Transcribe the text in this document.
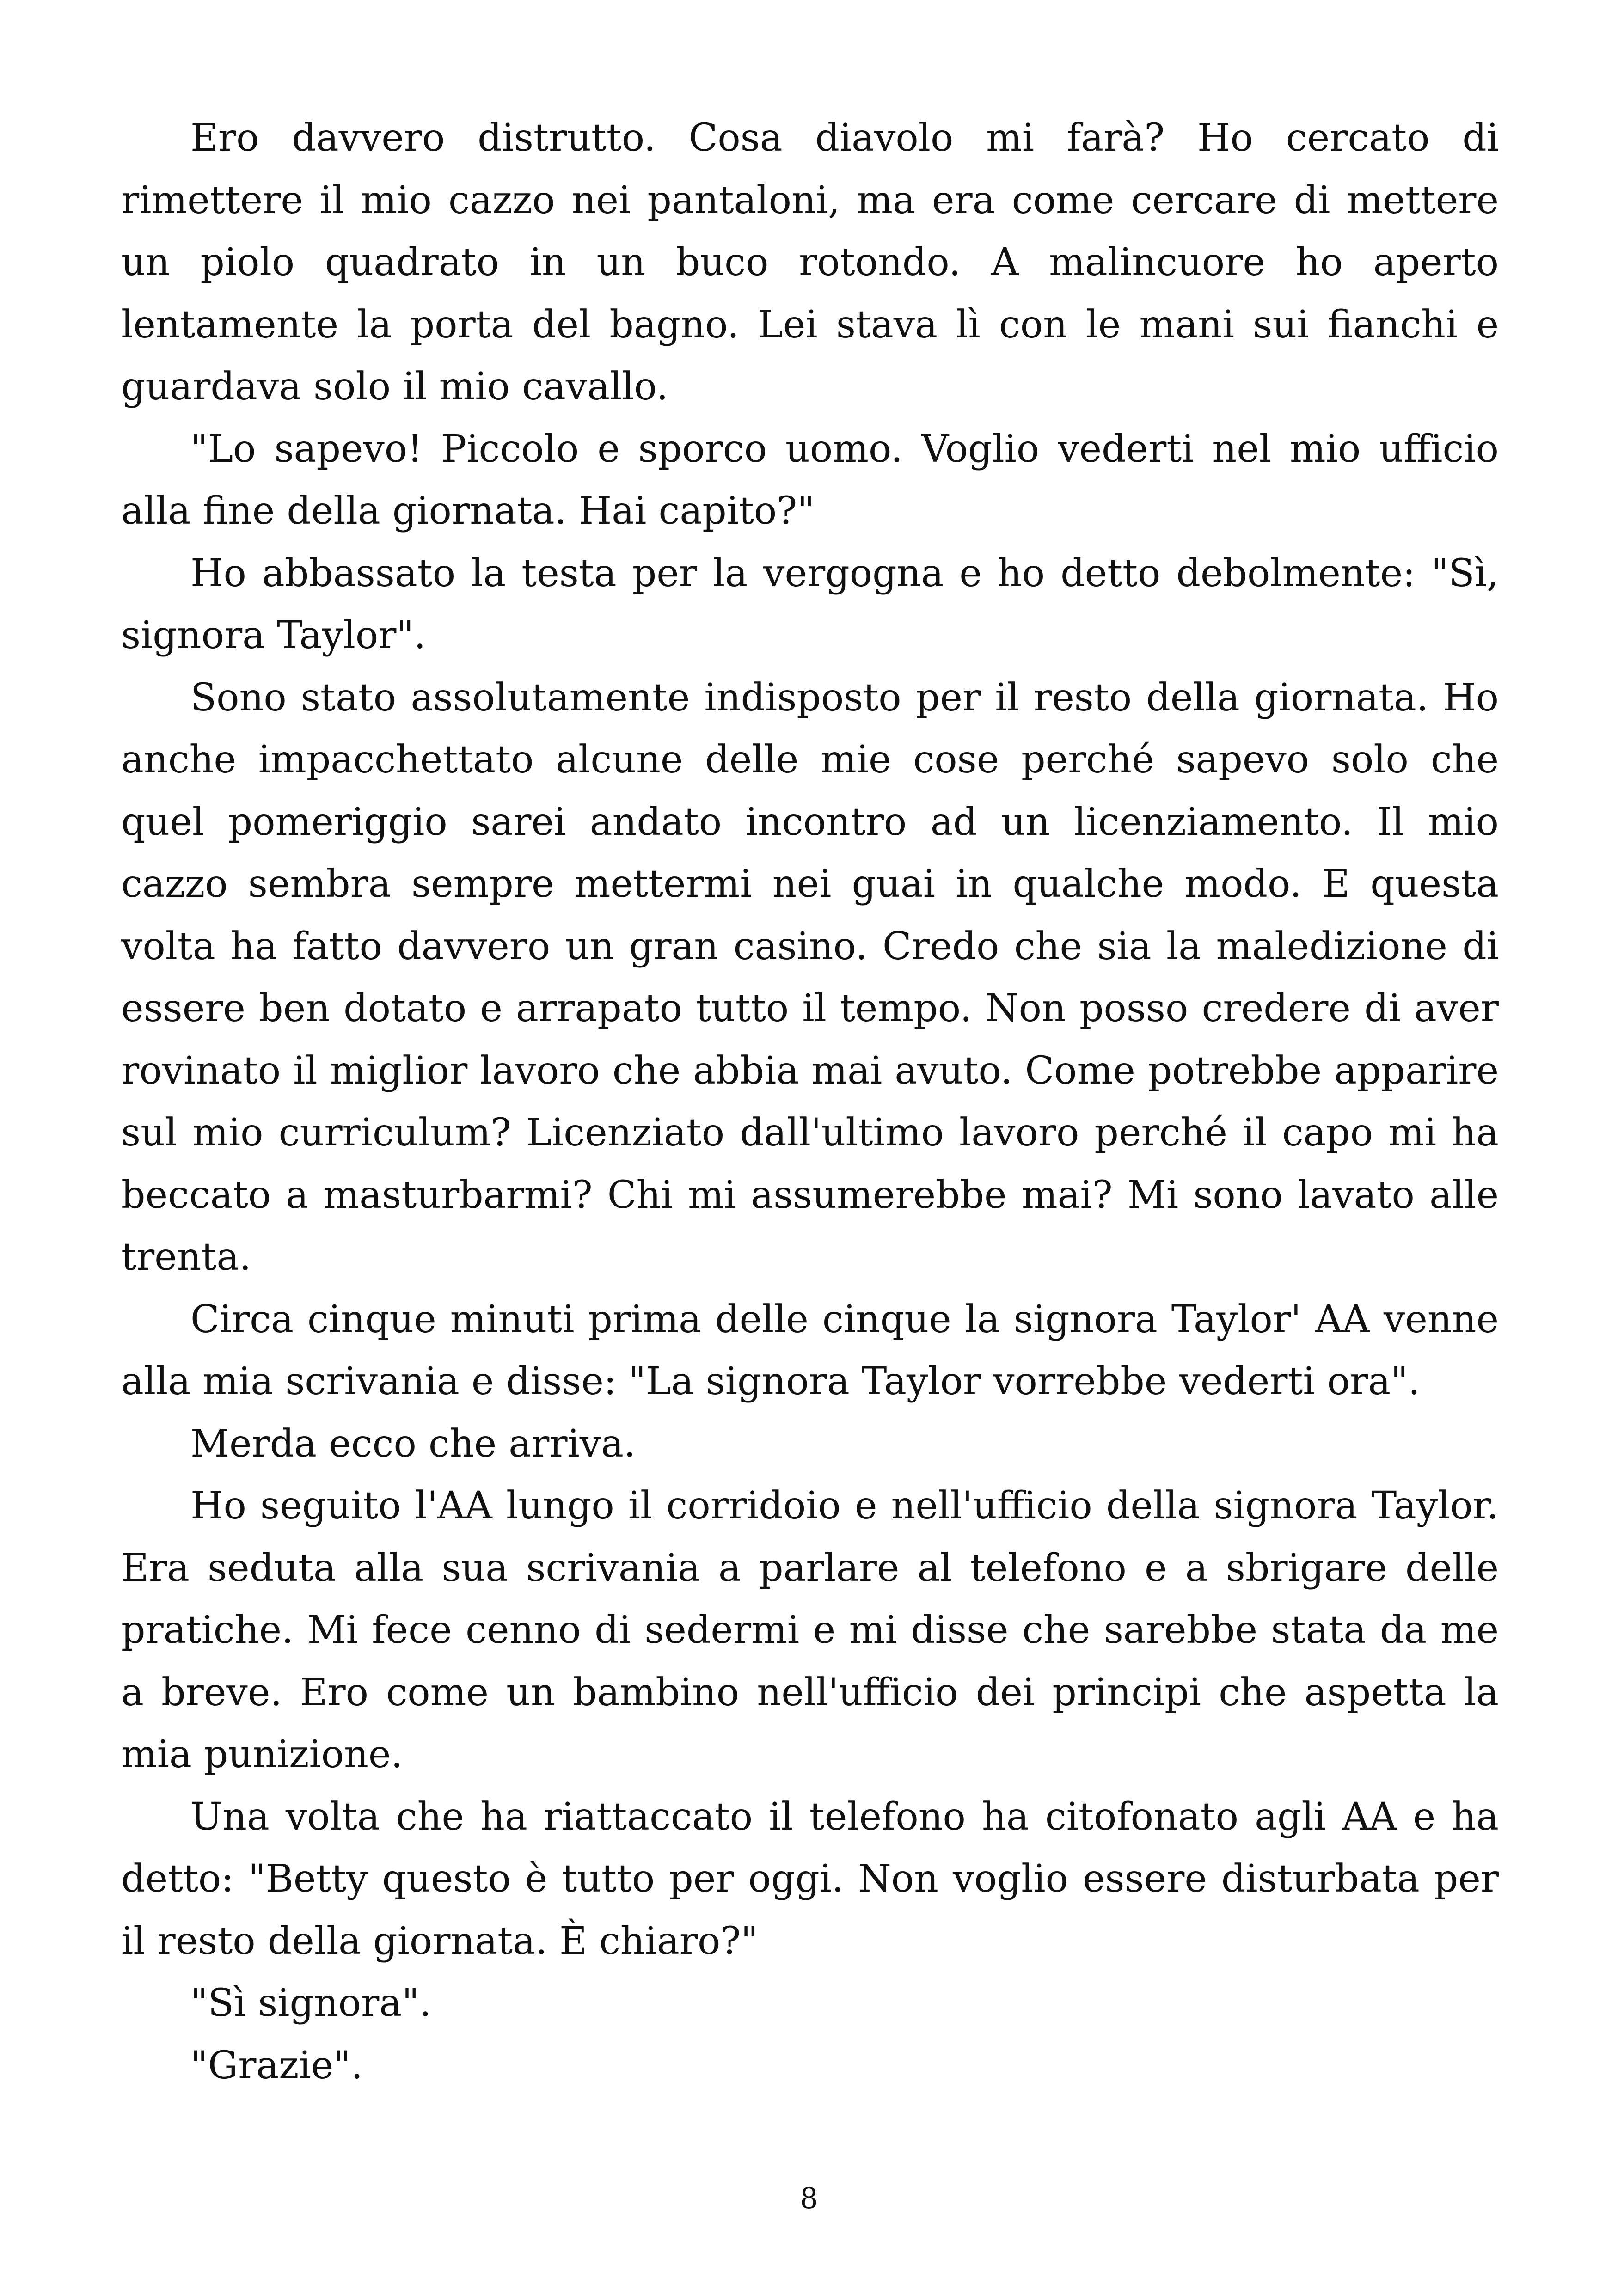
Ero davvero distrutto. Cosa diavolo mi farà? Ho cercato di rimettere il mio cazzo nei pantaloni, ma era come cercare di mettere un piolo quadrato in un buco rotondo. A malincuore ho aperto lentamente la porta del bagno. Lei stava lì con le mani sui fianchi e guardava solo il mio cavallo.

"Lo sapevo! Piccolo e sporco uomo. Voglio vederti nel mio ufficio alla fine della giornata. Hai capito?"

Ho abbassato la testa per la vergogna e ho detto debolmente: "Sì, signora Taylor".

Sono stato assolutamente indisposto per il resto della giornata. Ho anche impacchettato alcune delle mie cose perché sapevo solo che quel pomeriggio sarei andato incontro ad un licenziamento. Il mio cazzo sembra sempre mettermi nei guai in qualche modo. E questa volta ha fatto davvero un gran casino. Credo che sia la maledizione di essere ben dotato e arrapato tutto il tempo. Non posso credere di aver rovinato il miglior lavoro che abbia mai avuto. Come potrebbe apparire sul mio curriculum? Licenziato dall'ultimo lavoro perché il capo mi ha beccato a masturbarmi? Chi mi assumerebbe mai? Mi sono lavato alle trenta.

Circa cinque minuti prima delle cinque la signora Taylor' AA venne alla mia scrivania e disse: "La signora Taylor vorrebbe vederti ora".

Merda ecco che arriva.

Ho seguito l'AA lungo il corridoio e nell'ufficio della signora Taylor. Era seduta alla sua scrivania a parlare al telefono e a sbrigare delle pratiche. Mi fece cenno di sedermi e mi disse che sarebbe stata da me a breve. Ero come un bambino nell'ufficio dei principi che aspetta la mia punizione.

Una volta che ha riattaccato il telefono ha citofonato agli AA e ha detto: "Betty questo è tutto per oggi. Non voglio essere disturbata per il resto della giornata. È chiaro?"

"Sì signora".

"Grazie".

8
